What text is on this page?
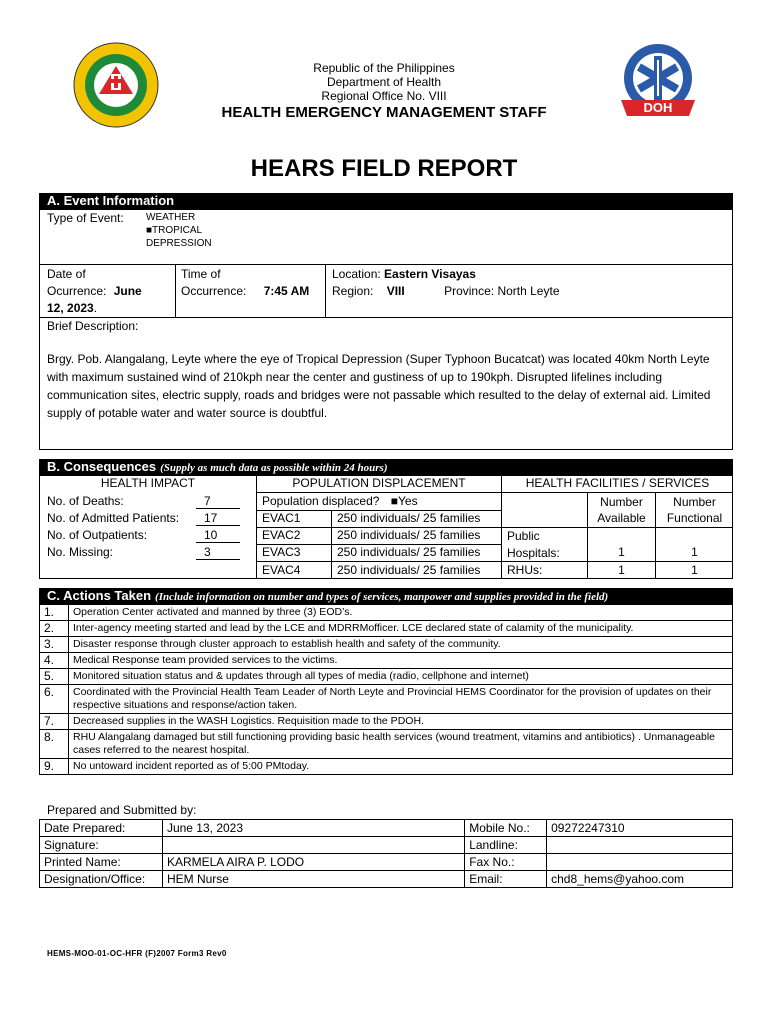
DOH
Republic of the Philippines
Department of Health
Regional Office No. VIII
HEALTH EMERGENCY MANAGEMENT STAFF
HEARS FIELD REPORT
A. Event Information
Type of Event: WEATHER
■TROPICAL
DEPRESSION
Date of
Ocurrence: June
12, 2023.
Time of
Occurrence: 7:45 AM
Location: Eastern Visayas
Region: VIII	Province: North Leyte
Brief Description:
Brgy. Pob. Alangalang, Leyte where the eye of Tropical Depression (Super Typhoon Bucatcat) was located 40km North Leyte with maximum sustained wind of 210kph near the center and gustiness of up to 190kph. Disrupted lifelines including communication sites, electric supply, roads and bridges were not passable which resulted to the delay of external aid. Limited supply of potable water and water source is doubtful.
B. Consequences (Supply as much data as possible within 24 hours)
HEALTH IMPACT	POPULATION DISPLACEMENT	HEALTH FACILITIES / SERVICES
No. of Deaths:	7
No. of Admitted Patients:	17
No. of Outpatients:	10
No. Missing:	3
Population displaced? ■Yes
EVAC1	250 individuals/ 25 families
EVAC2	250 individuals/ 25 families
EVAC3	250 individuals/ 25 families
EVAC4	250 individuals/ 25 families
Number
Available
Number
Functional
Public
Hospitals:	1	1
RHUs:	1	1
C. Actions Taken (Include information on number and types of services, manpower and supplies provided in the field)
1.	Operation Center activated and manned by three (3) EOD’s.
2.	Inter-agency meeting started and lead by the LCE and MDRRMofficer. LCE declared state of calamity of the municipality.
3.	Disaster response through cluster approach to establish health and safety of the community.
4.	Medical Response team provided services to the victims.
5.	Monitored situation status and & updates through all types of media (radio, cellphone and internet)
6.	Coordinated with the Provincial Health Team Leader of North Leyte and Provincial HEMS Coordinator for the provision of updates on their respective situations and response/action taken.
7.	Decreased supplies in the WASH Logistics. Requisition made to the PDOH.
8.	RHU Alangalang damaged but still functioning providing basic health services (wound treatment, vitamins and antibiotics) . Unmanageable cases referred to the nearest hospital.
9.	No untoward incident reported as of 5:00 PMtoday.
Prepared and Submitted by:
Date Prepared:	June 13, 2023	Mobile No.:	09272247310
Signature:		Landline:	
Printed Name:	KARMELA AIRA P. LODO	Fax No.:	
Designation/Office:	HEM Nurse	Email:	chd8_hems@yahoo.com
HEMS-MOO-01-OC-HFR (F)2007 Form3 Rev0
